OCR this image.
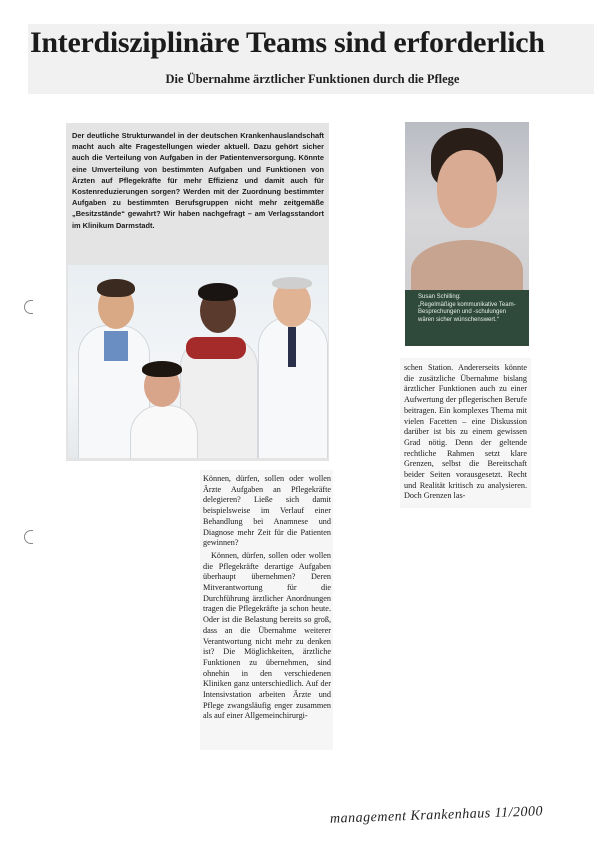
Interdisziplinäre Teams sind erforderlich
Die Übernahme ärztlicher Funktionen durch die Pflege
Der deutliche Strukturwandel in der deutschen Krankenhauslandschaft macht auch alte Fragestellungen wieder aktuell. Dazu gehört sicher auch die Verteilung von Aufgaben in der Patientenversorgung. Könnte eine Umverteilung von bestimmten Aufgaben und Funktionen von Ärzten auf Pflegekräfte für mehr Effizienz und damit auch für Kostenreduzierungen sorgen? Werden mit der Zuordnung bestimmter Aufgaben zu bestimmten Berufsgruppen nicht mehr zeitgemäße „Besitzstände“ gewahrt? Wir haben nachgefragt – am Verlagsstandort im Klinikum Darmstadt.
Susan Schilling:
„Regelmäßige kommunikative Team-Besprechungen und -schulungen wären sicher wünschenswert.“

Können, dürfen, sollen oder wollen Ärzte Aufgaben an Pflegekräfte delegieren? Ließe sich damit beispielsweise im Verlauf einer Behandlung bei Anamnese und Diagnose mehr Zeit für die Patienten gewinnen?

Können, dürfen, sollen oder wollen die Pflegekräfte derartige Aufgaben überhaupt übernehmen? Deren Mitverantwortung für die Durchführung ärztlicher Anordnungen tragen die Pflegekräfte ja schon heute. Oder ist die Belastung bereits so groß, dass an die Übernahme weiterer Verantwortung nicht mehr zu denken ist? Die Möglichkeiten, ärztliche Funktionen zu übernehmen, sind ohnehin in den verschiedenen Kliniken ganz unterschiedlich. Auf der Intensivstation arbeiten Ärzte und Pflege zwangsläufig enger zusammen als auf einer Allgemeinchirurgi-

schen Station. Andererseits könnte die zusätzliche Übernahme bislang ärztlicher Funktionen auch zu einer Aufwertung der pflegerischen Berufe beitragen. Ein komplexes Thema mit vielen Facetten – eine Diskussion darüber ist bis zu einem gewissen Grad nötig. Denn der geltende rechtliche Rahmen setzt klare Grenzen, selbst die Bereitschaft beider Seiten vorausgesetzt. Recht und Realität kritisch zu analysieren. Doch Grenzen las-
management Krankenhaus 11/2000
